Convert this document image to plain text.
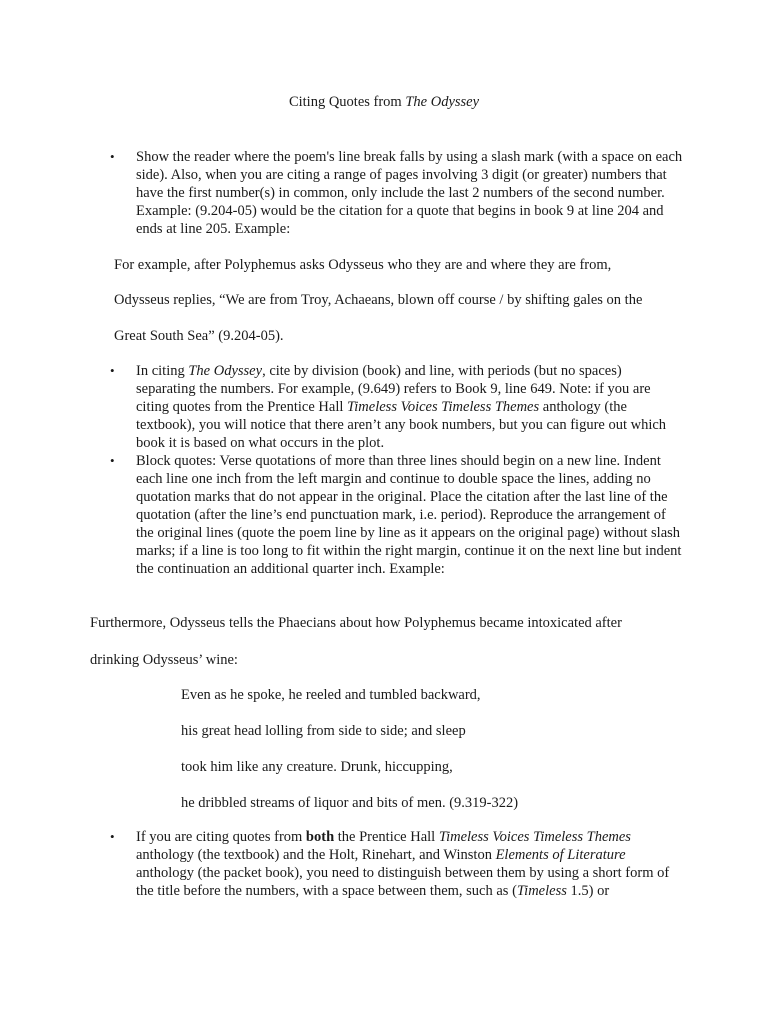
Citing Quotes from The Odyssey
• Show the reader where the poem's line break falls by using a slash mark (with a space on each side). Also, when you are citing a range of pages involving 3 digit (or greater) numbers that have the first number(s) in common, only include the last 2 numbers of the second number. Example: (9.204-05) would be the citation for a quote that begins in book 9 at line 204 and ends at line 205. Example:
For example, after Polyphemus asks Odysseus who they are and where they are from,
Odysseus replies, “We are from Troy, Achaeans, blown off course / by shifting gales on the
Great South Sea” (9.204-05).
• In citing The Odyssey, cite by division (book) and line, with periods (but no spaces) separating the numbers. For example, (9.649) refers to Book 9, line 649. Note: if you are citing quotes from the Prentice Hall Timeless Voices Timeless Themes anthology (the textbook), you will notice that there aren’t any book numbers, but you can figure out which book it is based on what occurs in the plot.
• Block quotes: Verse quotations of more than three lines should begin on a new line. Indent each line one inch from the left margin and continue to double space the lines, adding no quotation marks that do not appear in the original. Place the citation after the last line of the quotation (after the line’s end punctuation mark, i.e. period). Reproduce the arrangement of the original lines (quote the poem line by line as it appears on the original page) without slash marks; if a line is too long to fit within the right margin, continue it on the next line but indent the continuation an additional quarter inch. Example:
Furthermore, Odysseus tells the Phaecians about how Polyphemus became intoxicated after
drinking Odysseus’ wine:
Even as he spoke, he reeled and tumbled backward,
his great head lolling from side to side; and sleep
took him like any creature. Drunk, hiccupping,
he dribbled streams of liquor and bits of men. (9.319-322)
• If you are citing quotes from both the Prentice Hall Timeless Voices Timeless Themes anthology (the textbook) and the Holt, Rinehart, and Winston Elements of Literature anthology (the packet book), you need to distinguish between them by using a short form of the title before the numbers, with a space between them, such as (Timeless 1.5) or
